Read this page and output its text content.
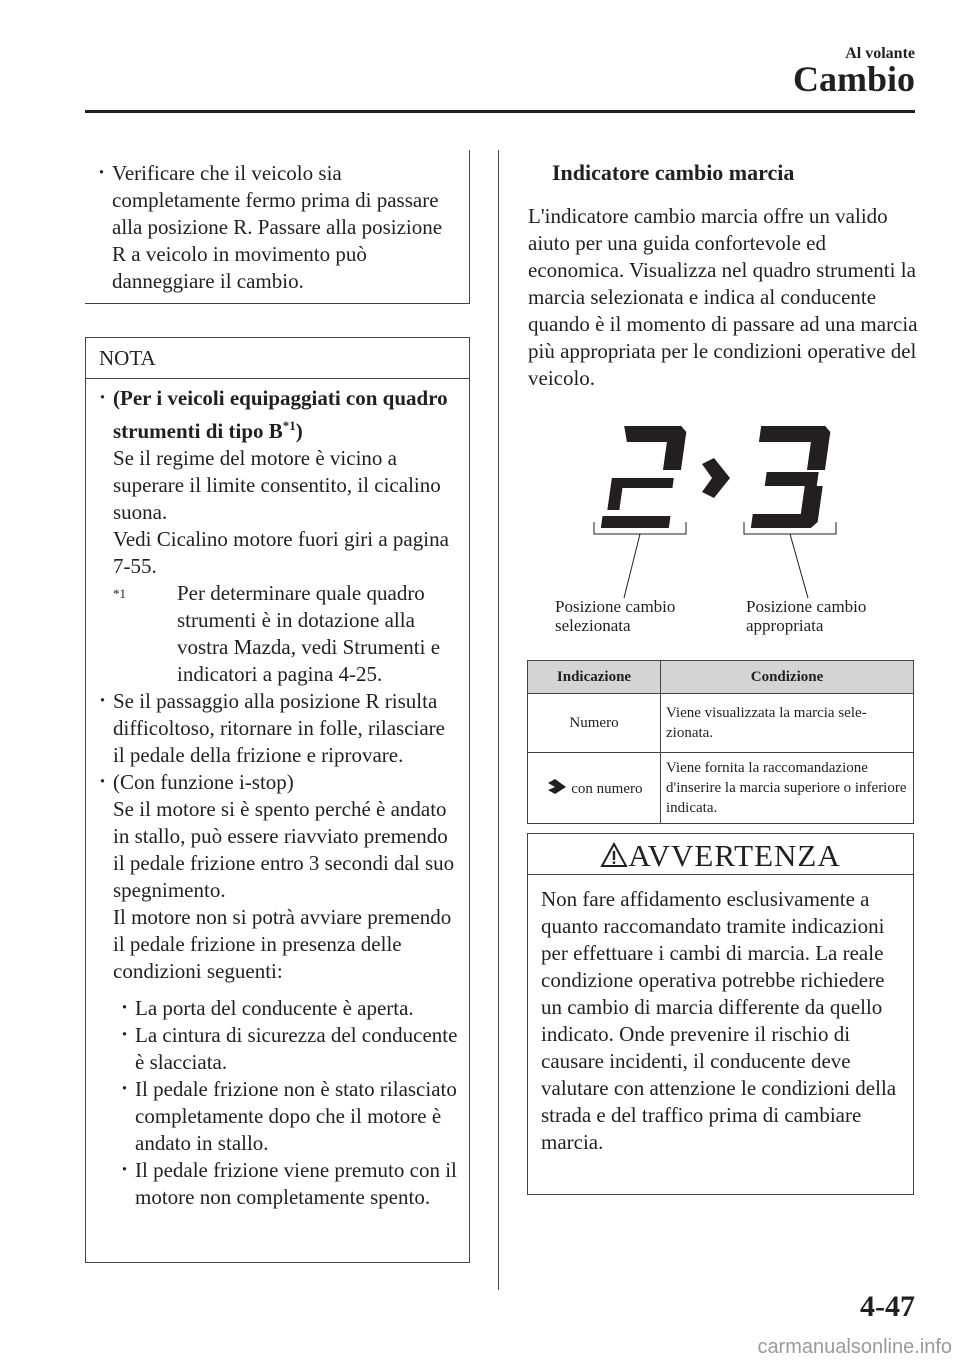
Al volante
Cambio
· Verificare che il veicolo sia completamente fermo prima di passare alla posizione R. Passare alla posizione R a veicolo in movimento può danneggiare il cambio.
NOTA
· (Per i veicoli equipaggiati con quadro strumenti di tipo $B^{*1}$)
Se il regime del motore è vicino a superare il limite consentito, il cicalino suona.
Vedi Cicalino motore fuori giri a pagina 7-55.
$^{*1}$ Per determinare quale quadro strumenti è in dotazione alla vostra Mazda, vedi Strumenti e indicatori a pagina 4-25.
· Se il passaggio alla posizione R risulta difficoltoso, ritornare in folle, rilasciare il pedale della frizione e riprovare.
· (Con funzione i-stop)
Se il motore si è spento perché è andato in stallo, può essere riavviato premendo il pedale frizione entro 3 secondi dal suo spegnimento.
Il motore non si potrà avviare premendo il pedale frizione in presenza delle condizioni seguenti:
· La porta del conducente è aperta.
· La cintura di sicurezza del conducente è slacciata.
· Il pedale frizione non è stato rilasciato completamente dopo che il motore è andato in stallo.
· Il pedale frizione viene premuto con il motore non completamente spento.
Indicatore cambio marcia
L'indicatore cambio marcia offre un valido aiuto per una guida confortevole ed economica. Visualizza nel quadro strumenti la marcia selezionata e indica al conducente quando è il momento di passare ad una marcia più appropriata per le condizioni operative del veicolo.
Posizione cambio selezionata
Posizione cambio appropriata
Indicazione	Condizione
Numero	Viene visualizzata la marcia sele-zionata.
con numero	Viene fornita la raccomandazione d'inserire la marcia superiore o inferiore indicata.
AVVERTENZA
Non fare affidamento esclusivamente a quanto raccomandato tramite indicazioni per effettuare i cambi di marcia. La reale condizione operativa potrebbe richiedere un cambio di marcia differente da quello indicato. Onde prevenire il rischio di causare incidenti, il conducente deve valutare con attenzione le condizioni della strada e del traffico prima di cambiare marcia.
4-47
carmanualsonline.info
